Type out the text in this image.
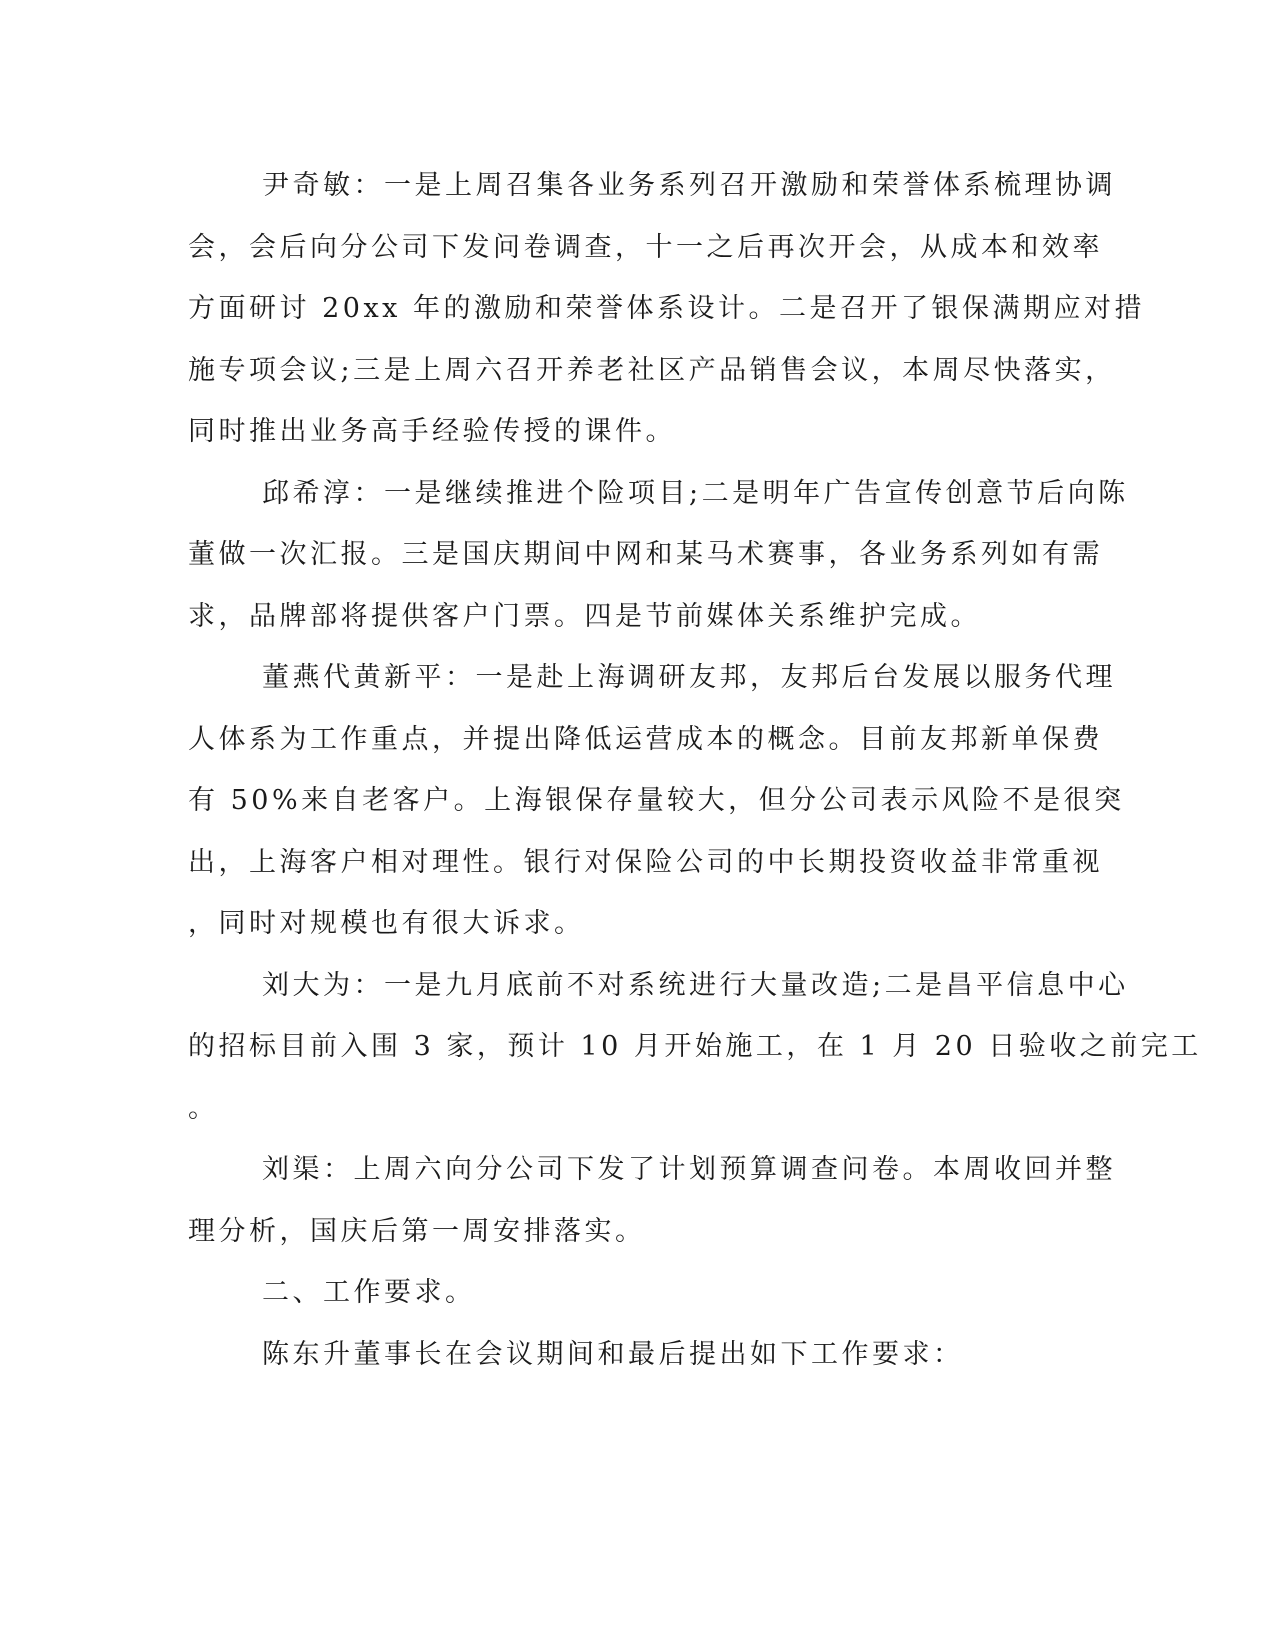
尹奇敏：一是上周召集各业务系列召开激励和荣誉体系梳理协调
会，会后向分公司下发问卷调查，十一之后再次开会，从成本和效率
方面研讨 20xx 年的激励和荣誉体系设计。二是召开了银保满期应对措
施专项会议;三是上周六召开养老社区产品销售会议，本周尽快落实，
同时推出业务高手经验传授的课件。
邱希淳：一是继续推进个险项目;二是明年广告宣传创意节后向陈
董做一次汇报。三是国庆期间中网和某马术赛事，各业务系列如有需
求，品牌部将提供客户门票。四是节前媒体关系维护完成。
董燕代黄新平：一是赴上海调研友邦，友邦后台发展以服务代理
人体系为工作重点，并提出降低运营成本的概念。目前友邦新单保费
有 50%来自老客户。上海银保存量较大，但分公司表示风险不是很突
出，上海客户相对理性。银行对保险公司的中长期投资收益非常重视
，同时对规模也有很大诉求。
刘大为：一是九月底前不对系统进行大量改造;二是昌平信息中心
的招标目前入围 3 家，预计 10 月开始施工，在 1 月 20 日验收之前完工
。
刘渠：上周六向分公司下发了计划预算调查问卷。本周收回并整
理分析，国庆后第一周安排落实。
二、工作要求。
陈东升董事长在会议期间和最后提出如下工作要求：
